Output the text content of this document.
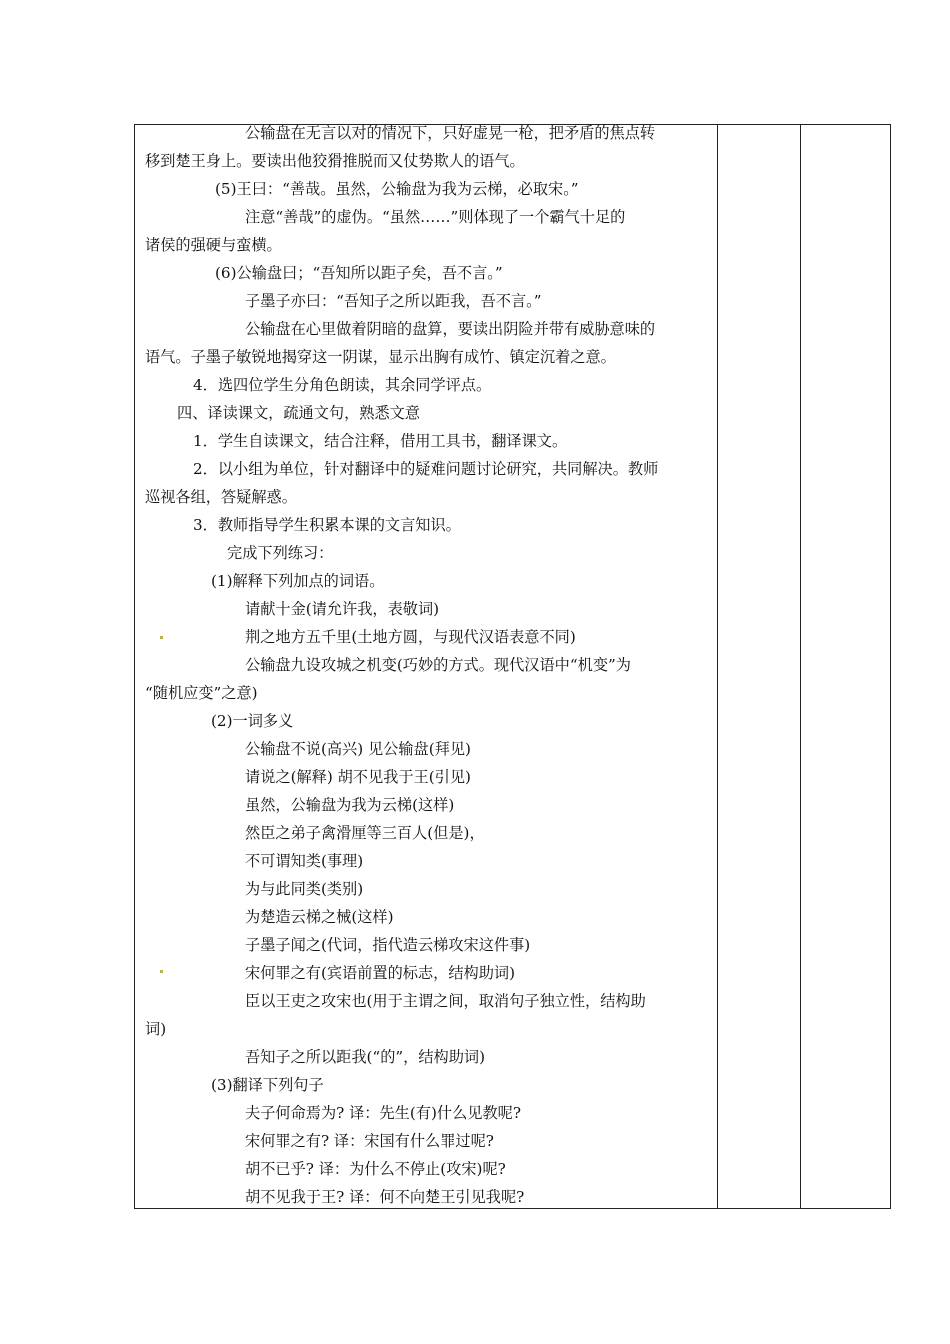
公输盘在无言以对的情况下，只好虚晃一枪，把矛盾的焦点转
移到楚王身上。要读出他狡猾推脱而又仗势欺人的语气。
(5)王曰：“善哉。虽然，公输盘为我为云梯，必取宋。”
注意“善哉”的虚伪。“虽然……”则体现了一个霸气十足的
诸侯的强硬与蛮横。
(6)公输盘曰；“吾知所以距子矣，吾不言。”
子墨子亦曰：“吾知子之所以距我，吾不言。”
公输盘在心里做着阴暗的盘算，要读出阴险并带有威胁意味的
语气。子墨子敏锐地揭穿这一阴谋，显示出胸有成竹、镇定沉着之意。
4．选四位学生分角色朗读，其余同学评点。
四、译读课文，疏通文句，熟悉文意
1．学生自读课文，结合注释，借用工具书，翻译课文。
2．以小组为单位，针对翻译中的疑难问题讨论研究，共同解决。教师
巡视各组，答疑解惑。
3．教师指导学生积累本课的文言知识。
完成下列练习：
(1)解释下列加点的词语。
请献十金(请允许我，表敬词)
荆之地方五千里(土地方圆，与现代汉语表意不同)
公输盘九设攻城之机变(巧妙的方式。现代汉语中“机变”为
“随机应变”之意)
(2)一词多义
公输盘不说(高兴) 见公输盘(拜见)
请说之(解释) 胡不见我于王(引见)
虽然，公输盘为我为云梯(这样)
然臣之弟子禽滑厘等三百人(但是)，
不可谓知类(事理)
为与此同类(类别)
为楚造云梯之械(这样)
子墨子闻之(代词，指代造云梯攻宋这件事)
宋何罪之有(宾语前置的标志，结构助词)
臣以王吏之攻宋也(用于主谓之间，取消句子独立性，结构助
词)
吾知子之所以距我(“的”，结构助词)
(3)翻译下列句子
夫子何命焉为? 译：先生(有)什么见教呢?
宋何罪之有? 译：宋国有什么罪过呢?
胡不已乎? 译：为什么不停止(攻宋)呢?
胡不见我于王? 译：何不向楚王引见我呢?
